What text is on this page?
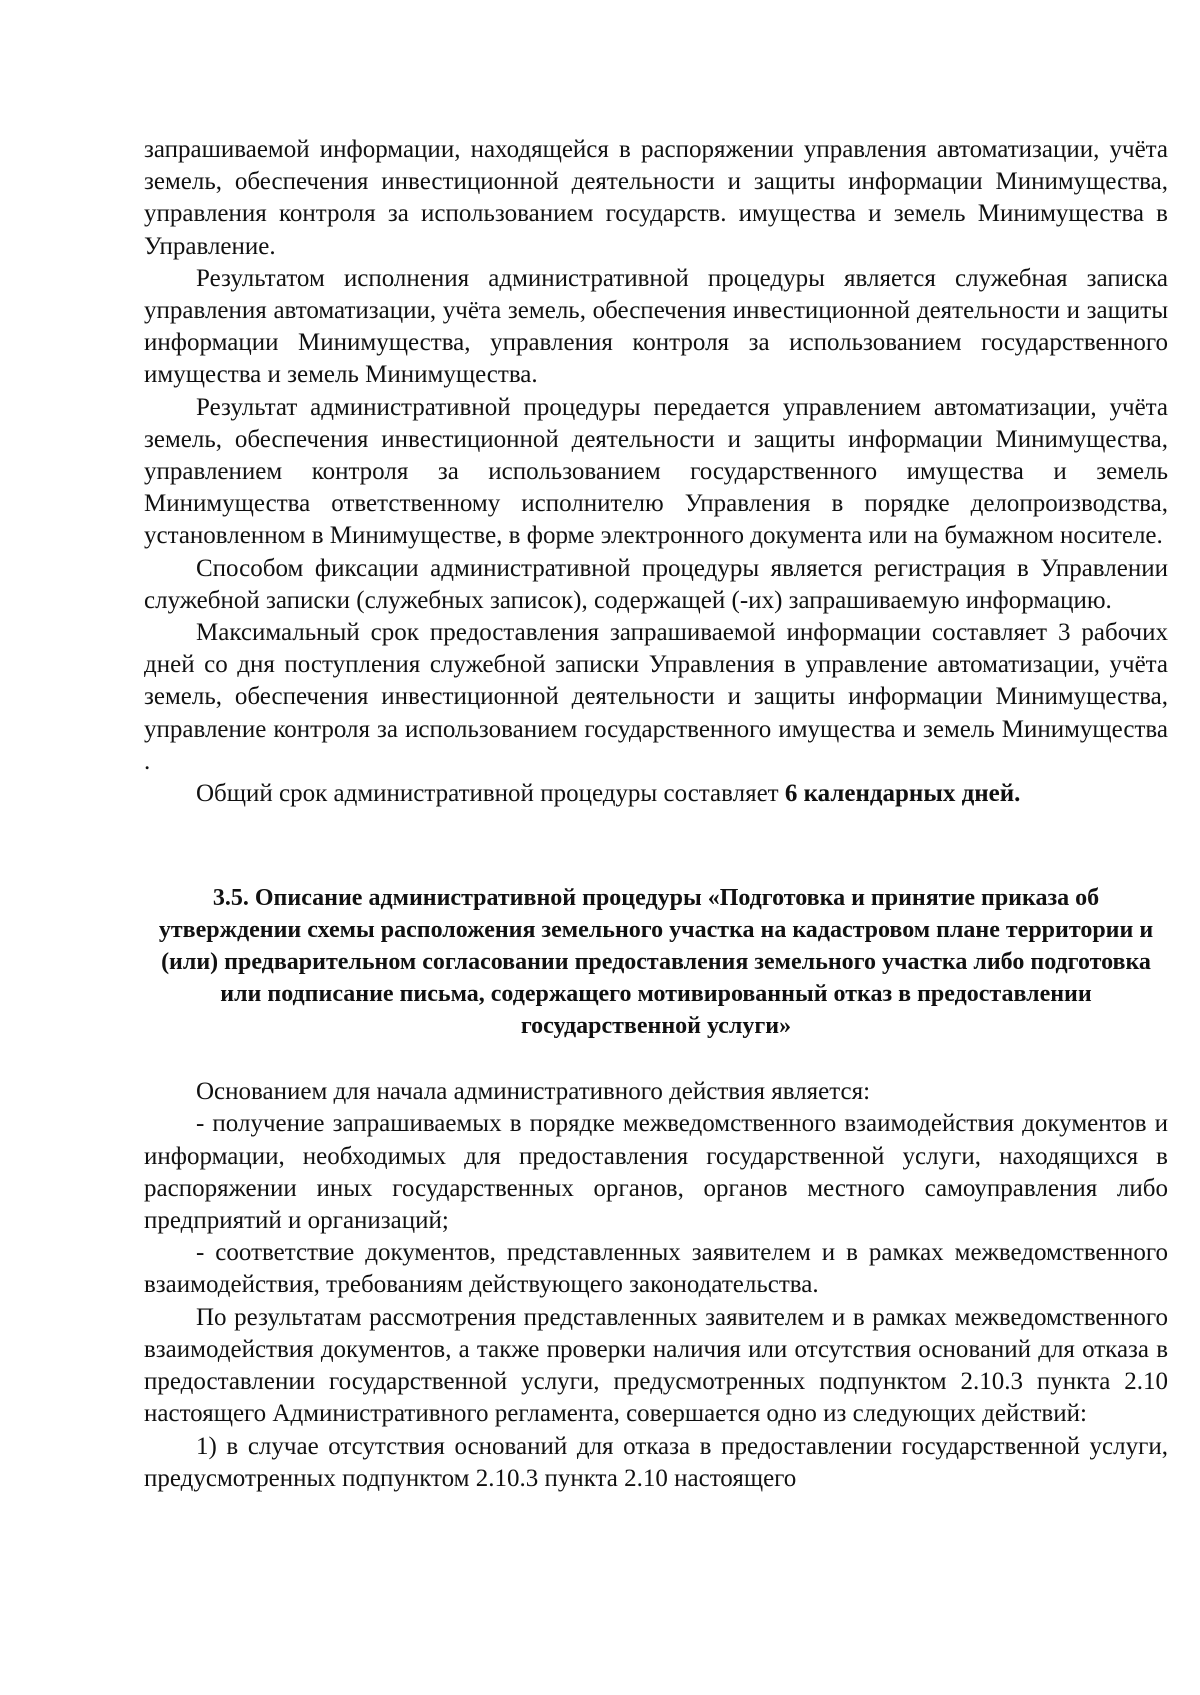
запрашиваемой информации, находящейся в распоряжении управления автоматизации, учёта земель, обеспечения инвестиционной деятельности и защиты информации Минимущества, управления контроля за использованием государств. имущества и земель Минимущества в Управление.

Результатом исполнения административной процедуры является служебная записка управления автоматизации, учёта земель, обеспечения инвестиционной деятельности и защиты информации Минимущества, управления контроля за использованием государственного имущества и земель Минимущества.

Результат административной процедуры передается управлением автоматизации, учёта земель, обеспечения инвестиционной деятельности и защиты информации Минимущества, управлением контроля за использованием государственного имущества и земель Минимущества ответственному исполнителю Управления в порядке делопроизводства, установленном в Минимуществе, в форме электронного документа или на бумажном носителе.

Способом фиксации административной процедуры является регистрация в Управлении служебной записки (служебных записок), содержащей (-их) запрашиваемую информацию.

Максимальный срок предоставления запрашиваемой информации составляет 3 рабочих дней со дня поступления служебной записки Управления в управление автоматизации, учёта земель, обеспечения инвестиционной деятельности и защиты информации Минимущества, управление контроля за использованием государственного имущества и земель Минимущества .

Общий срок административной процедуры составляет 6 календарных дней.

3.5. Описание административной процедуры «Подготовка и принятие приказа об утверждении схемы расположения земельного участка на кадастровом плане территории и (или) предварительном согласовании предоставления земельного участка либо подготовка или подписание письма, содержащего мотивированный отказ в предоставлении государственной услуги»

Основанием для начала административного действия является:

- получение запрашиваемых в порядке межведомственного взаимодействия документов и информации, необходимых для предоставления государственной услуги, находящихся в распоряжении иных государственных органов, органов местного самоуправления либо предприятий и организаций;

- соответствие документов, представленных заявителем и в рамках межведомственного взаимодействия, требованиям действующего законодательства.

По результатам рассмотрения представленных заявителем и в рамках межведомственного взаимодействия документов, а также проверки наличия или отсутствия оснований для отказа в предоставлении государственной услуги, предусмотренных подпунктом 2.10.3 пункта 2.10 настоящего Административного регламента, совершается одно из следующих действий:

1) в случае отсутствия оснований для отказа в предоставлении государственной услуги, предусмотренных подпунктом 2.10.3 пункта 2.10 настоящего
